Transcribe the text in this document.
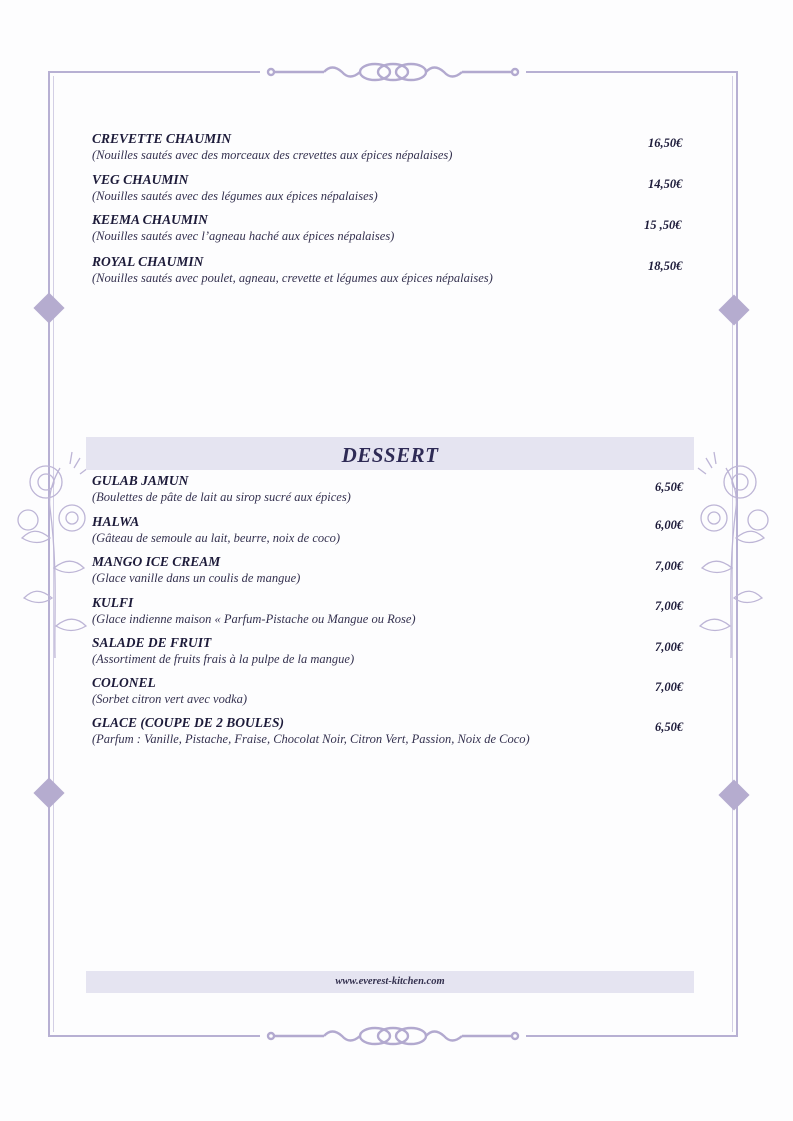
CREVETTE CHAUMIN
(Nouilles sautés avec des morceaux des crevettes aux épices népalaises)
16,50€
VEG CHAUMIN
(Nouilles sautés avec des légumes aux épices népalaises)
14,50€
KEEMA CHAUMIN
(Nouilles sautés avec l’agneau haché aux épices népalaises)
15 ,50€
ROYAL CHAUMIN
(Nouilles sautés avec poulet, agneau, crevette et légumes aux épices népalaises)
18,50€
DESSERT
GULAB JAMUN
(Boulettes de pâte de lait au sirop sucré aux épices)
6,50€
HALWA
(Gâteau de semoule au lait, beurre, noix de coco)
6,00€
MANGO ICE CREAM
(Glace vanille dans un coulis de mangue)
7,00€
KULFI
(Glace indienne maison « Parfum-Pistache ou Mangue ou Rose)
7,00€
SALADE DE FRUIT
(Assortiment de fruits frais à la pulpe de la mangue)
7,00€
COLONEL
(Sorbet citron vert avec vodka)
7,00€
GLACE (COUPE DE 2 BOULES)
(Parfum : Vanille, Pistache, Fraise, Chocolat Noir, Citron Vert, Passion, Noix de Coco)
6,50€
www.everest-kitchen.com
